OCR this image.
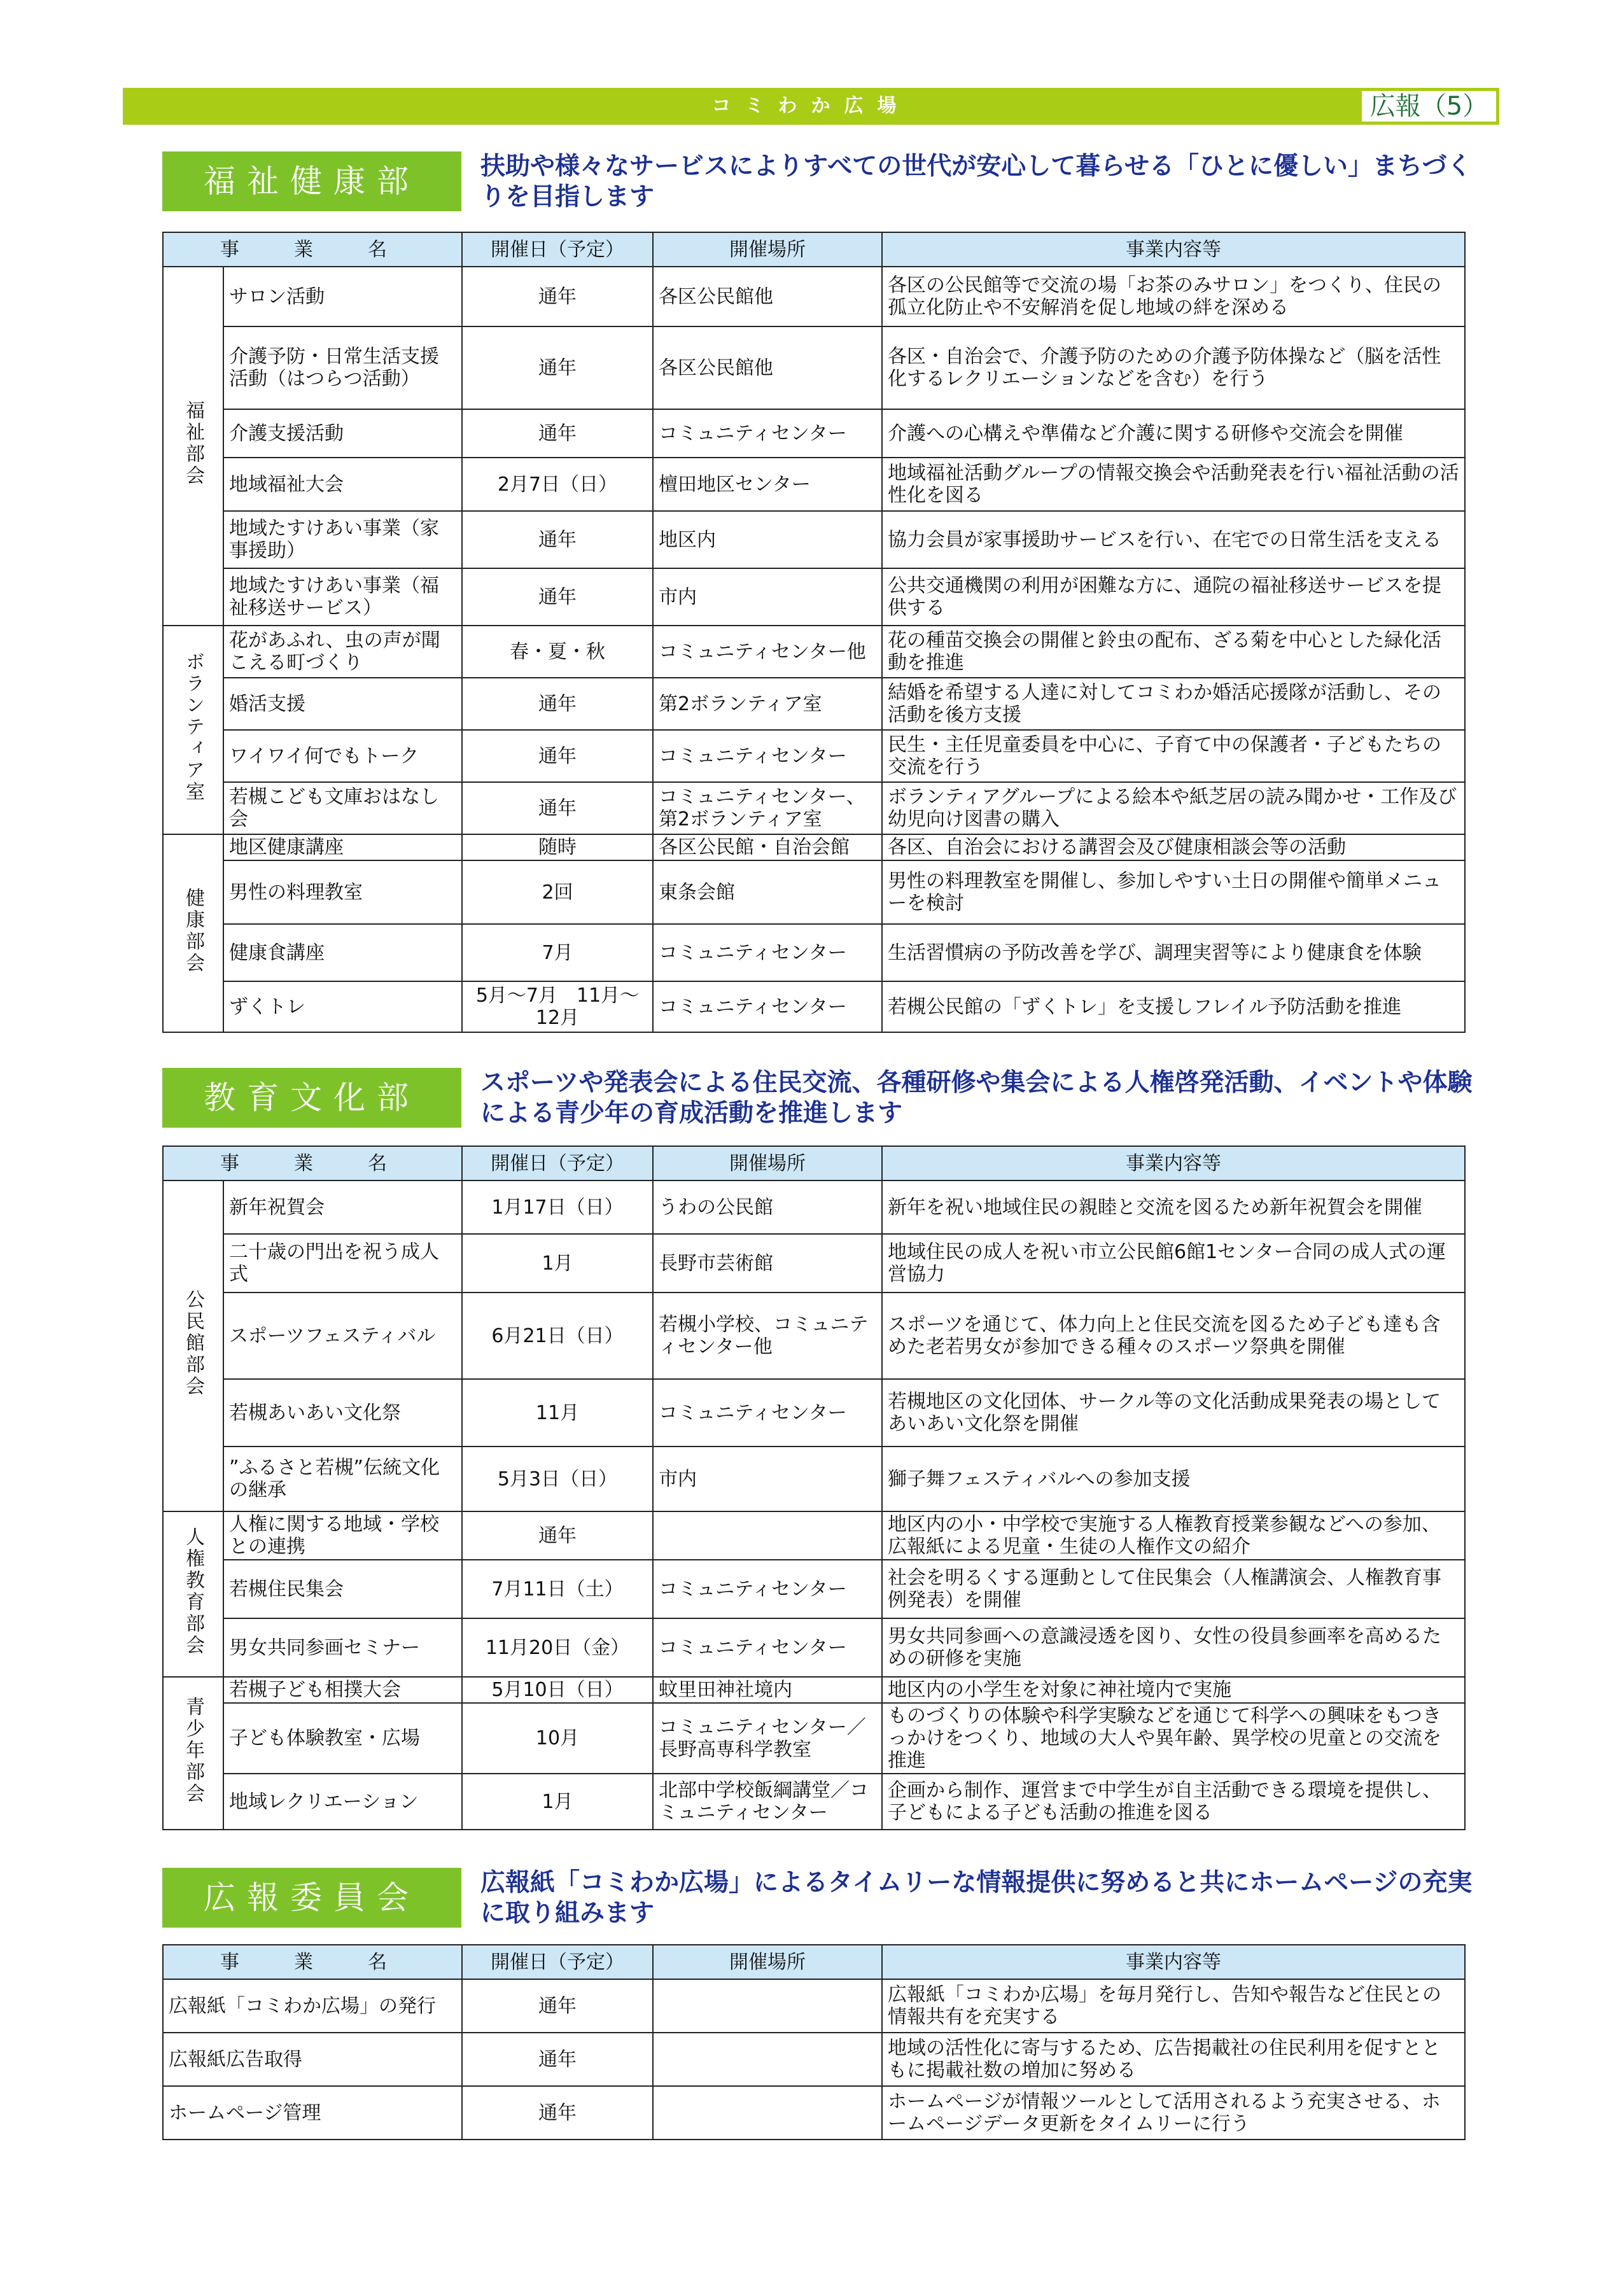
コミわか広場	広報（5）
福祉健康部	扶助や様々なサービスによりすべての世代が安心して暮らせる「ひとに優しい」まちづくりを目指します
事　業　名		開催日（予定）	開催場所	事業内容等
福祉部会	サロン活動	通年	各区公民館他	各区の公民館等で交流の場「お茶のみサロン」をつくり、住民の孤立化防止や不安解消を促し地域の絆を深める
	介護予防・日常生活支援活動（はつらつ活動）	通年	各区公民館他	各区・自治会で、介護予防のための介護予防体操など（脳を活性化するレクリエーションなどを含む）を行う
	介護支援活動	通年	コミュニティセンター	介護への心構えや準備など介護に関する研修や交流会を開催
	地域福祉大会	2月7日（日）	檀田地区センター	地域福祉活動グループの情報交換会や活動発表を行い福祉活動の活性化を図る
	地域たすけあい事業（家事援助）	通年	地区内	協力会員が家事援助サービスを行い、在宅での日常生活を支える
	地域たすけあい事業（福祉移送サービス）	通年	市内	公共交通機関の利用が困難な方に、通院の福祉移送サービスを提供する
ボランティア室	花があふれ、虫の声が聞こえる町づくり	春・夏・秋	コミュニティセンター他	花の種苗交換会の開催と鈴虫の配布、ざる菊を中心とした緑化活動を推進
	婚活支援	通年	第2ボランティア室	結婚を希望する人達に対してコミわか婚活応援隊が活動し、その活動を後方支援
	ワイワイ何でもトーク	通年	コミュニティセンター	民生・主任児童委員を中心に、子育て中の保護者・子どもたちの交流を行う
	若槻こども文庫おはなし会	通年	コミュニティセンター、第2ボランティア室	ボランティアグループによる絵本や紙芝居の読み聞かせ・工作及び幼児向け図書の購入
健康部会	地区健康講座	随時	各区公民館・自治会館	各区、自治会における講習会及び健康相談会等の活動
	男性の料理教室	2回	東条会館	男性の料理教室を開催し、参加しやすい土日の開催や簡単メニューを検討
	健康食講座	7月	コミュニティセンター	生活習慣病の予防改善を学び、調理実習等により健康食を体験
	ずくトレ	5月～7月　11月～12月	コミュニティセンター	若槻公民館の「ずくトレ」を支援しフレイル予防活動を推進
教育文化部	スポーツや発表会による住民交流、各種研修や集会による人権啓発活動、イベントや体験による青少年の育成活動を推進します
事　業　名		開催日（予定）	開催場所	事業内容等
公民館部会	新年祝賀会	1月17日（日）	うわの公民館	新年を祝い地域住民の親睦と交流を図るため新年祝賀会を開催
	二十歳の門出を祝う成人式	1月	長野市芸術館	地域住民の成人を祝い市立公民館6館1センター合同の成人式の運営協力
	スポーツフェスティバル	6月21日（日）	若槻小学校、コミュニティセンター他	スポーツを通じて、体力向上と住民交流を図るため子ども達も含めた老若男女が参加できる種々のスポーツ祭典を開催
	若槻あいあい文化祭	11月	コミュニティセンター	若槻地区の文化団体、サークル等の文化活動成果発表の場としてあいあい文化祭を開催
	”ふるさと若槻”伝統文化の継承	5月3日（日）	市内	獅子舞フェスティバルへの参加支援
人権教育部会	人権に関する地域・学校との連携	通年		地区内の小・中学校で実施する人権教育授業参観などへの参加、広報紙による児童・生徒の人権作文の紹介
	若槻住民集会	7月11日（土）	コミュニティセンター	社会を明るくする運動として住民集会（人権講演会、人権教育事例発表）を開催
	男女共同参画セミナー	11月20日（金）	コミュニティセンター	男女共同参画への意識浸透を図り、女性の役員参画率を高めるための研修を実施
青少年部会	若槻子ども相撲大会	5月10日（日）	蚊里田神社境内	地区内の小学生を対象に神社境内で実施
	子ども体験教室・広場	10月	コミュニティセンター／長野高専科学教室	ものづくりの体験や科学実験などを通じて科学への興味をもつきっかけをつくり、地域の大人や異年齢、異学校の児童との交流を推進
	地域レクリエーション	1月	北部中学校飯綱講堂／コミュニティセンター	企画から制作、運営まで中学生が自主活動できる環境を提供し、子どもによる子ども活動の推進を図る
広報委員会	広報紙「コミわか広場」によるタイムリーな情報提供に努めると共にホームページの充実に取り組みます
事　業　名	開催日（予定）	開催場所	事業内容等
広報紙「コミわか広場」の発行	通年		広報紙「コミわか広場」を毎月発行し、告知や報告など住民との情報共有を充実する
広報紙広告取得	通年		地域の活性化に寄与するため、広告掲載社の住民利用を促すとともに掲載社数の増加に努める
ホームページ管理	通年		ホームページが情報ツールとして活用されるよう充実させる、ホームページデータ更新をタイムリーに行う
